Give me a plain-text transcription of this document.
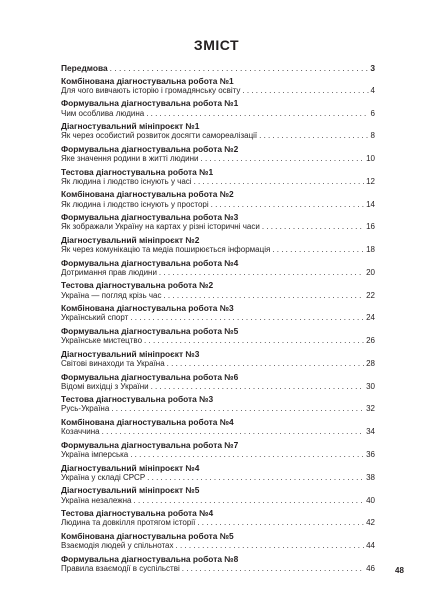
ЗМІСТ
Передмова . . .	3
Комбінована діагностувальна робота №1
Для чого вивчають історію і громадянську освіту . . .	4
Формувальна діагностувальна робота №1
Чим особлива людина . . .	6
Діагностувальний мініпроєкт №1
Як через особистий розвиток досягти самореалізації . . .	8
Формувальна діагностувальна робота №2
Яке значення родини в житті людини . . .	10
Тестова діагностувальна робота №1
Як людина і людство існують у часі . . .	12
Комбінована діагностувальна робота №2
Як людина і людство існують у просторі . . .	14
Формувальна діагностувальна робота №3
Як зображали Україну на картах у різні історичні часи . . .	16
Діагностувальний мініпроєкт №2
Як через комунікацію та медіа поширюється інформація . . .	18
Формувальна діагностувальна робота №4
Дотримання прав людини . . .	20
Тестова діагностувальна робота №2
Україна — погляд крізь час . . .	22
Комбінована діагностувальна робота №3
Український спорт . . .	24
Формувальна діагностувальна робота №5
Українське мистецтво . . .	26
Діагностувальний мініпроєкт №3
Світові винаходи та Україна . . .	28
Формувальна діагностувальна робота №6
Відомі вихідці з України . . .	30
Тестова діагностувальна робота №3
Русь-Україна . . .	32
Комбінована діагностувальна робота №4
Козаччина . . .	34
Формувальна діагностувальна робота №7
Україна імперська . . .	36
Діагностувальний мініпроєкт №4
Україна у складі СРСР . . .	38
Діагностувальний мініпроєкт №5
Україна незалежна . . .	40
Тестова діагностувальна робота №4
Людина та довкілля протягом історії . . .	42
Комбінована діагностувальна робота №5
Взаємодія людей у спільнотах . . .	44
Формувальна діагностувальна робота №8
Правила взаємодії в суспільстві . . .	46	48
